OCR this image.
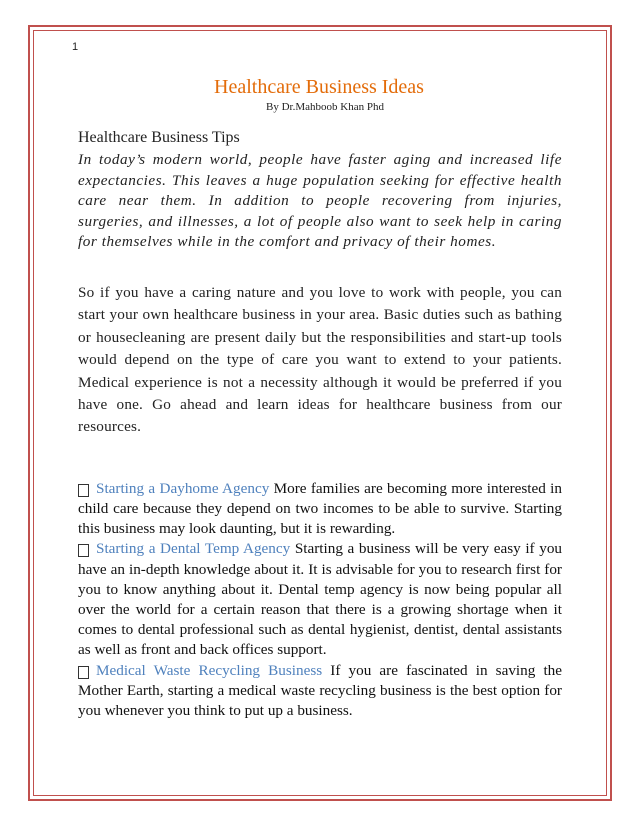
1
Healthcare Business Ideas
By Dr.Mahboob Khan Phd

Healthcare Business Tips

In today’s modern world, people have faster aging and increased life expectancies. This leaves a huge population seeking for effective health care near them. In addition to people recovering from injuries, surgeries, and illnesses, a lot of people also want to seek help in caring for themselves while in the comfort and privacy of their homes.

So if you have a caring nature and you love to work with people, you can start your own healthcare business in your area. Basic duties such as bathing or housecleaning are present daily but the responsibilities and start-up tools would depend on the type of care you want to extend to your patients. Medical experience is not a necessity although it would be preferred if you have one. Go ahead and learn ideas for healthcare business from our resources.

Starting a Dayhome Agency More families are becoming more interested in child care because they depend on two incomes to be able to survive. Starting this business may look daunting, but it is rewarding.
Starting a Dental Temp Agency Starting a business will be very easy if you have an in-depth knowledge about it. It is advisable for you to research first for you to know anything about it. Dental temp agency is now being popular all over the world for a certain reason that there is a growing shortage when it comes to dental professional such as dental hygienist, dentist, dental assistants as well as front and back offices support.
Medical Waste Recycling Business If you are fascinated in saving the Mother Earth, starting a medical waste recycling business is the best option for you whenever you think to put up a business.
